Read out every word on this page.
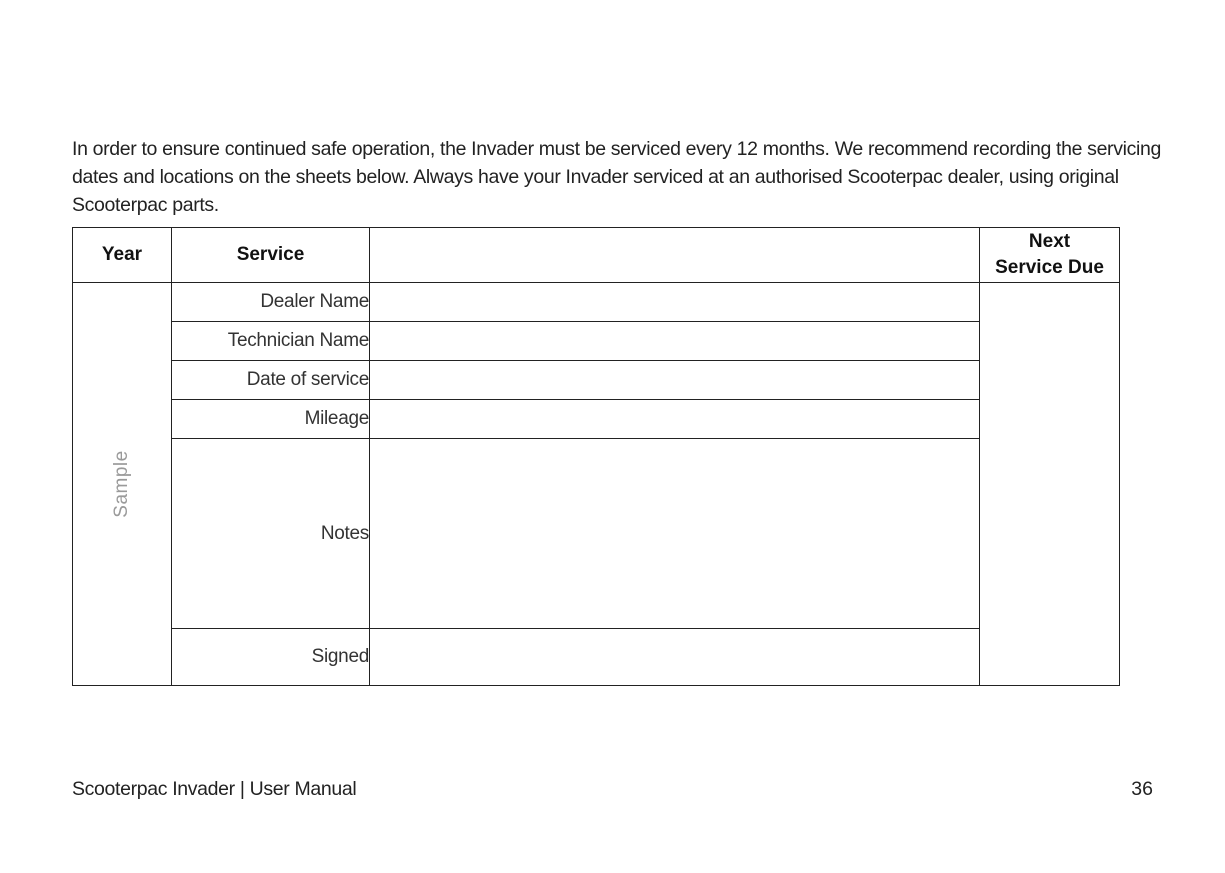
In order to ensure continued safe operation, the Invader must be serviced every 12 months. We recommend recording the servicing dates and locations on the sheets below. Always have your Invader serviced at an authorised Scooterpac dealer, using original Scooterpac parts.

Year	Service		Next
Service Due

Sample	Dealer Name		
	Technician Name		
	Date of service		
	Mileage		
	Notes		
	Signed		
Scooterpac Invader | User Manual	36
